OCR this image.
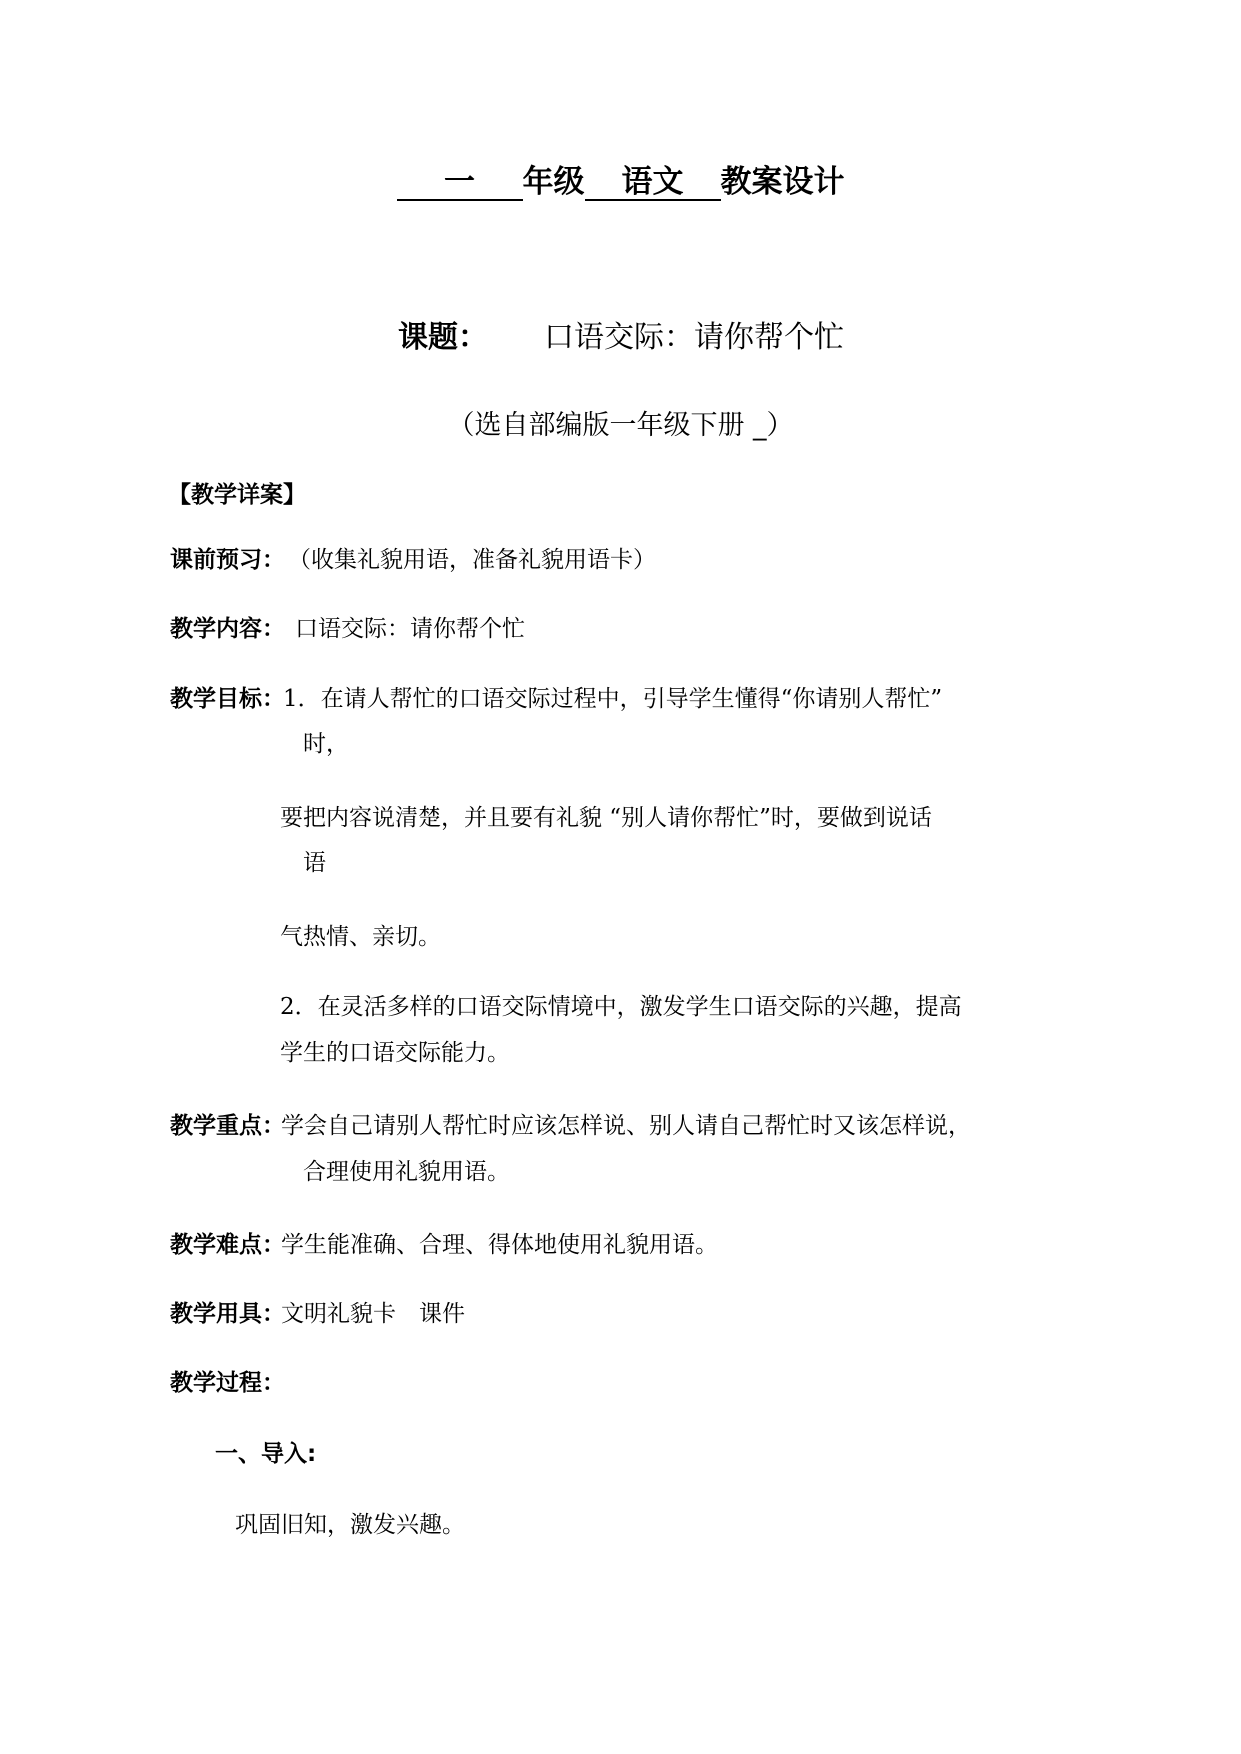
一 年级 语文 教案设计
课题： 口语交际：请你帮个忙
（选自部编版一年级下册 _）
【教学详案】
课前预习： （收集礼貌用语，准备礼貌用语卡）
教学内容： 口语交际：请你帮个忙
教学目标：
1．在请人帮忙的口语交际过程中，引导学生懂得“你请别人帮忙”
时，
要把内容说清楚，并且要有礼貌 “别人请你帮忙”时，要做到说话
语
气热情、亲切。
2．在灵活多样的口语交际情境中，激发学生口语交际的兴趣，提高
学生的口语交际能力。
教学重点：
学会自己请别人帮忙时应该怎样说、别人请自己帮忙时又该怎样说，
合理使用礼貌用语。
教学难点：
学生能准确、合理、得体地使用礼貌用语。
教学用具：
文明礼貌卡　课件
教学过程：
一、导入:
巩固旧知，激发兴趣。
